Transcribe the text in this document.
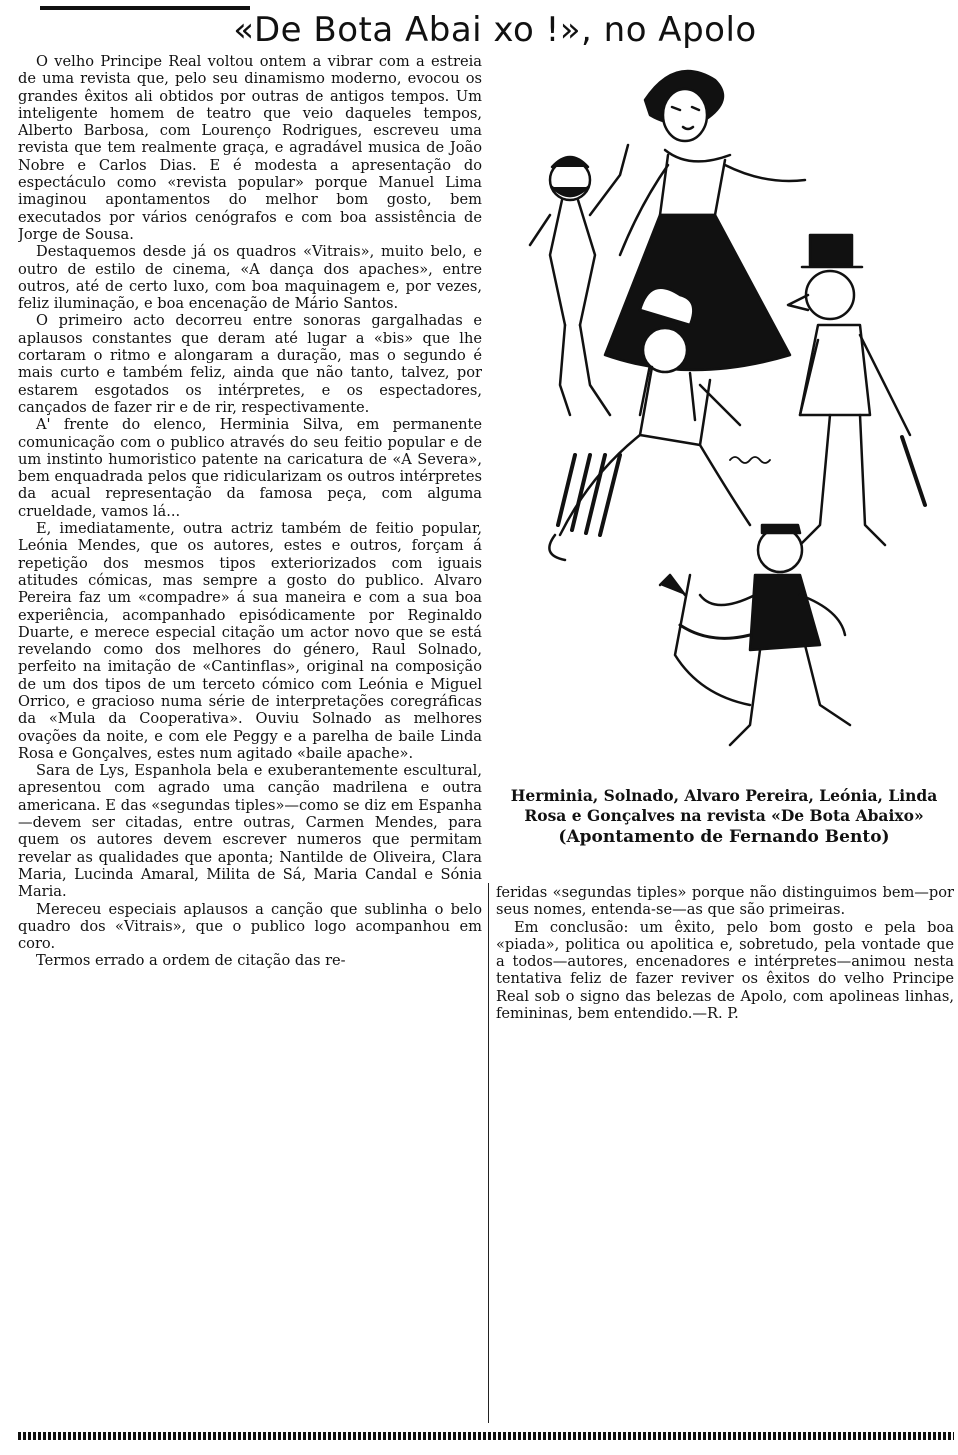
«De Bota Abai xo !», no Apolo

O velho Principe Real voltou ontem a vibrar com a estreia de uma revista que, pelo seu dinamismo moderno, evocou os grandes êxitos ali obtidos por outras de antigos tempos. Um inteligente homem de teatro que veio daqueles tempos, Alberto Barbosa, com Lourenço Rodrigues, escreveu uma revista que tem realmente graça, e agradável musica de João Nobre e Carlos Dias. E é modesta a apresentação do espectáculo como «revista popular» porque Manuel Lima imaginou apontamentos do melhor bom gosto, bem executados por vários cenógrafos e com boa assistência de Jorge de Sousa.

Destaquemos desde já os quadros «Vitrais», muito belo, e outro de estilo de cinema, «A dança dos apaches», entre outros, até de certo luxo, com boa maquinagem e, por vezes, feliz iluminação, e boa encenação de Mário Santos.

O primeiro acto decorreu entre sonoras gargalhadas e aplausos constantes que deram até lugar a «bis» que lhe cortaram o ritmo e alongaram a duração, mas o segundo é mais curto e também feliz, ainda que não tanto, talvez, por estarem esgotados os intérpretes, e os espectadores, cançados de fazer rir e de rir, respectivamente.

A' frente do elenco, Herminia Silva, em permanente comunicação com o publico através do seu feitio popular e de um instinto humoristico patente na caricatura de «A Severa», bem enquadrada pelos que ridicularizam os outros intérpretes da acual representação da famosa peça, com alguma crueldade, vamos lá...

E, imediatamente, outra actriz também de feitio popular, Leónia Mendes, que os autores, estes e outros, forçam á repetição dos mesmos tipos exteriorizados com iguais atitudes cómicas, mas sempre a gosto do publico. Alvaro Pereira faz um «compadre» á sua maneira e com a sua boa experiência, acompanhado episódicamente por Reginaldo Duarte, e merece especial citação um actor novo que se está revelando como dos melhores do género, Raul Solnado, perfeito na imitação de «Cantinflas», original na composição de um dos tipos de um terceto cómico com Leónia e Miguel Orrico, e gracioso numa série de interpretações coregráficas da «Mula da Cooperativa». Ouviu Solnado as melhores ovações da noite, e com ele Peggy e a parelha de baile Linda Rosa e Gonçalves, estes num agitado «baile apache».

Sara de Lys, Espanhola bela e exuberantemente escultural, apresentou com agrado uma canção madrilena e outra americana. E das «segundas tiples»—como se diz em Espanha—devem ser citadas, entre outras, Carmen Mendes, para quem os autores devem escrever numeros que permitam revelar as qualidades que aponta; Nantilde de Oliveira, Clara Maria, Lucinda Amaral, Milita de Sá, Maria Candal e Sónia Maria.

Mereceu especiais aplausos a canção que sublinha o belo quadro dos «Vitrais», que o publico logo acompanhou em coro.

Termos errado a ordem de citação das re-

Herminia, Solnado, Alvaro Pereira, Leónia, Linda Rosa e Gonçalves na revista «De Bota Abaixo»
(Apontamento de Fernando Bento)

feridas «segundas tiples» porque não distinguimos bem—por seus nomes, entenda-se—as que são primeiras.

Em conclusão: um êxito, pelo bom gosto e pela boa «piada», politica ou apolitica e, sobretudo, pela vontade que a todos—autores, encenadores e intérpretes—animou nesta tentativa feliz de fazer reviver os êxitos do velho Principe Real sob o signo das belezas de Apolo, com apolineas linhas, femininas, bem entendido.—R. P.
